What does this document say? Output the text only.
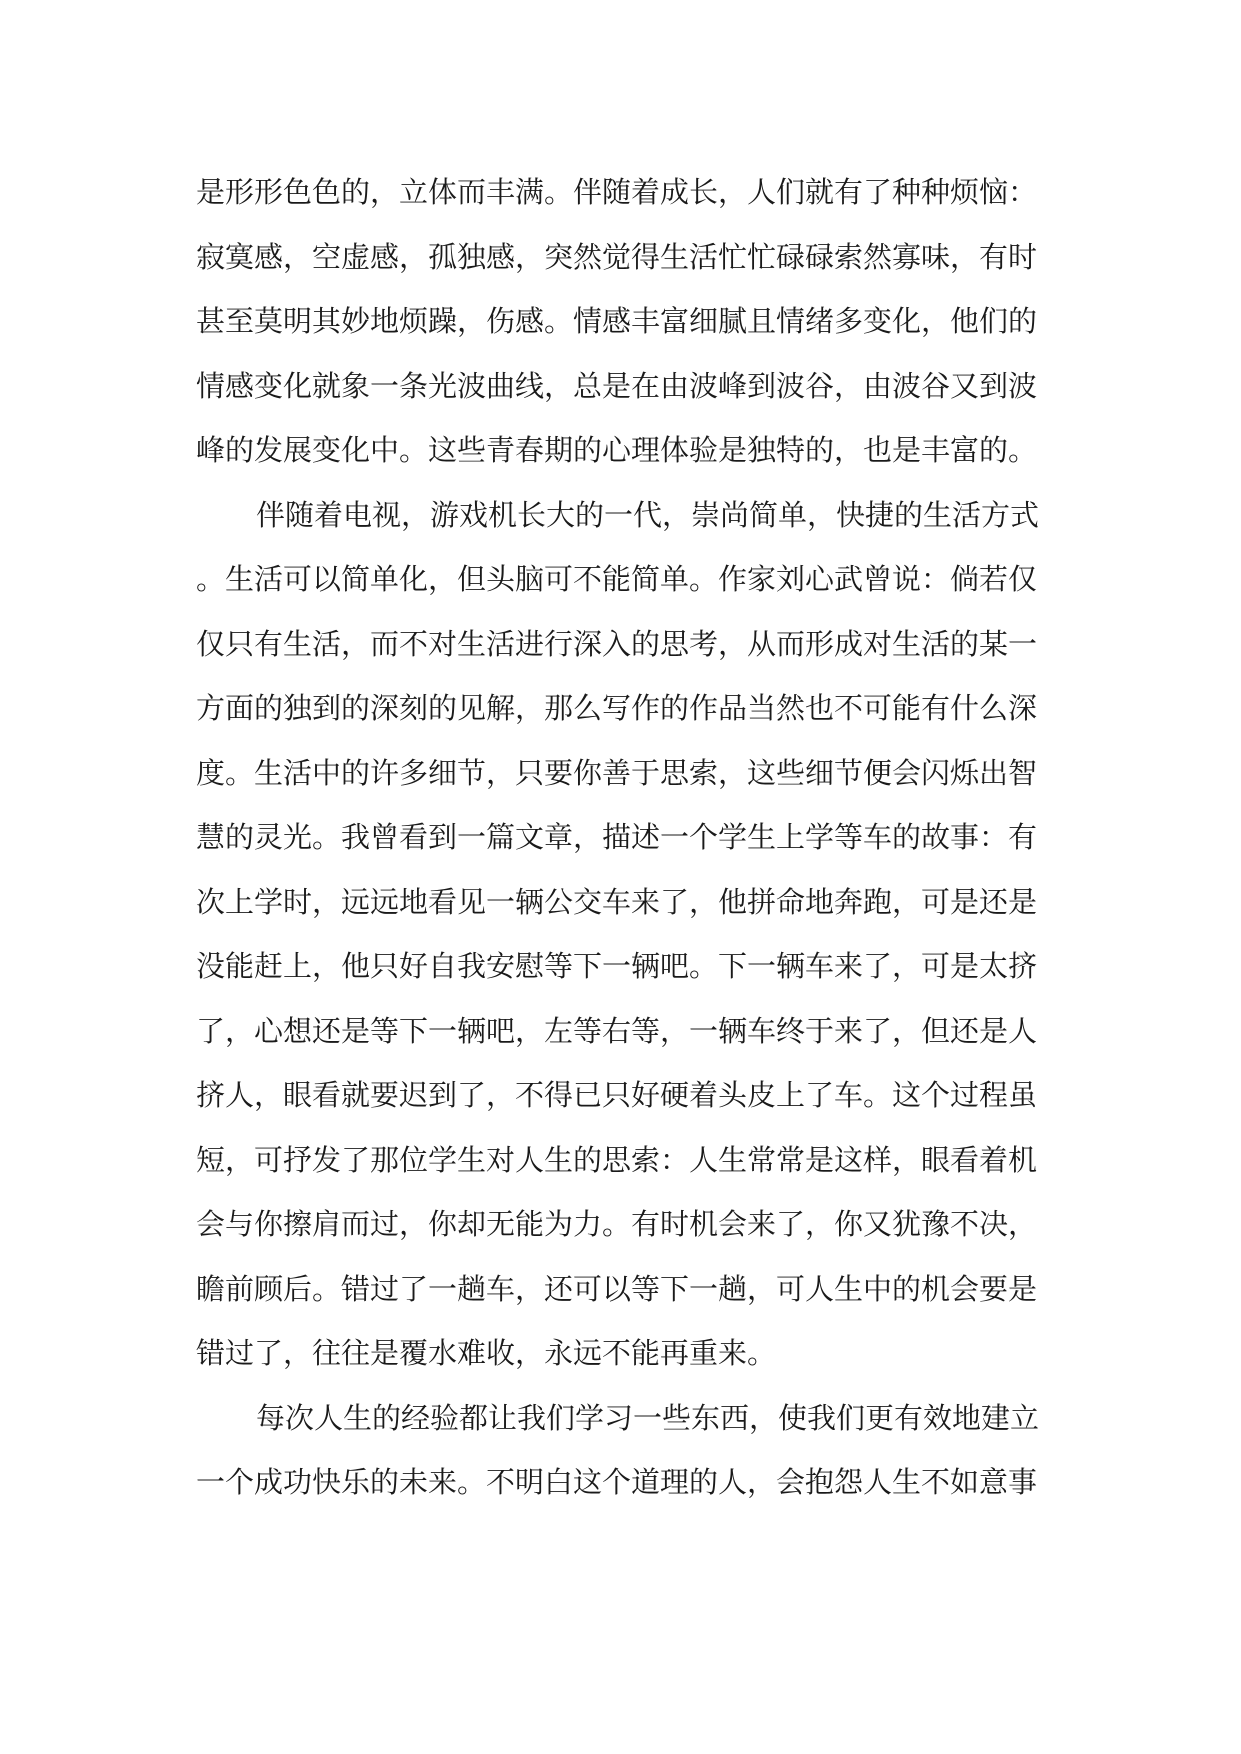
是形形色色的，立体而丰满。伴随着成长，人们就有了种种烦恼：
寂寞感，空虚感，孤独感，突然觉得生活忙忙碌碌索然寡味，有时
甚至莫明其妙地烦躁，伤感。情感丰富细腻且情绪多变化，他们的
情感变化就象一条光波曲线，总是在由波峰到波谷，由波谷又到波
峰的发展变化中。这些青春期的心理体验是独特的，也是丰富的。
伴随着电视，游戏机长大的一代，崇尚简单，快捷的生活方式
。生活可以简单化，但头脑可不能简单。作家刘心武曾说：倘若仅
仅只有生活，而不对生活进行深入的思考，从而形成对生活的某一
方面的独到的深刻的见解，那么写作的作品当然也不可能有什么深
度。生活中的许多细节，只要你善于思索，这些细节便会闪烁出智
慧的灵光。我曾看到一篇文章，描述一个学生上学等车的故事：有
次上学时，远远地看见一辆公交车来了，他拼命地奔跑，可是还是
没能赶上，他只好自我安慰等下一辆吧。下一辆车来了，可是太挤
了，心想还是等下一辆吧，左等右等，一辆车终于来了，但还是人
挤人，眼看就要迟到了，不得已只好硬着头皮上了车。这个过程虽
短，可抒发了那位学生对人生的思索：人生常常是这样，眼看着机
会与你擦肩而过，你却无能为力。有时机会来了，你又犹豫不决，
瞻前顾后。错过了一趟车，还可以等下一趟，可人生中的机会要是
错过了，往往是覆水难收，永远不能再重来。
每次人生的经验都让我们学习一些东西，使我们更有效地建立
一个成功快乐的未来。不明白这个道理的人，会抱怨人生不如意事
